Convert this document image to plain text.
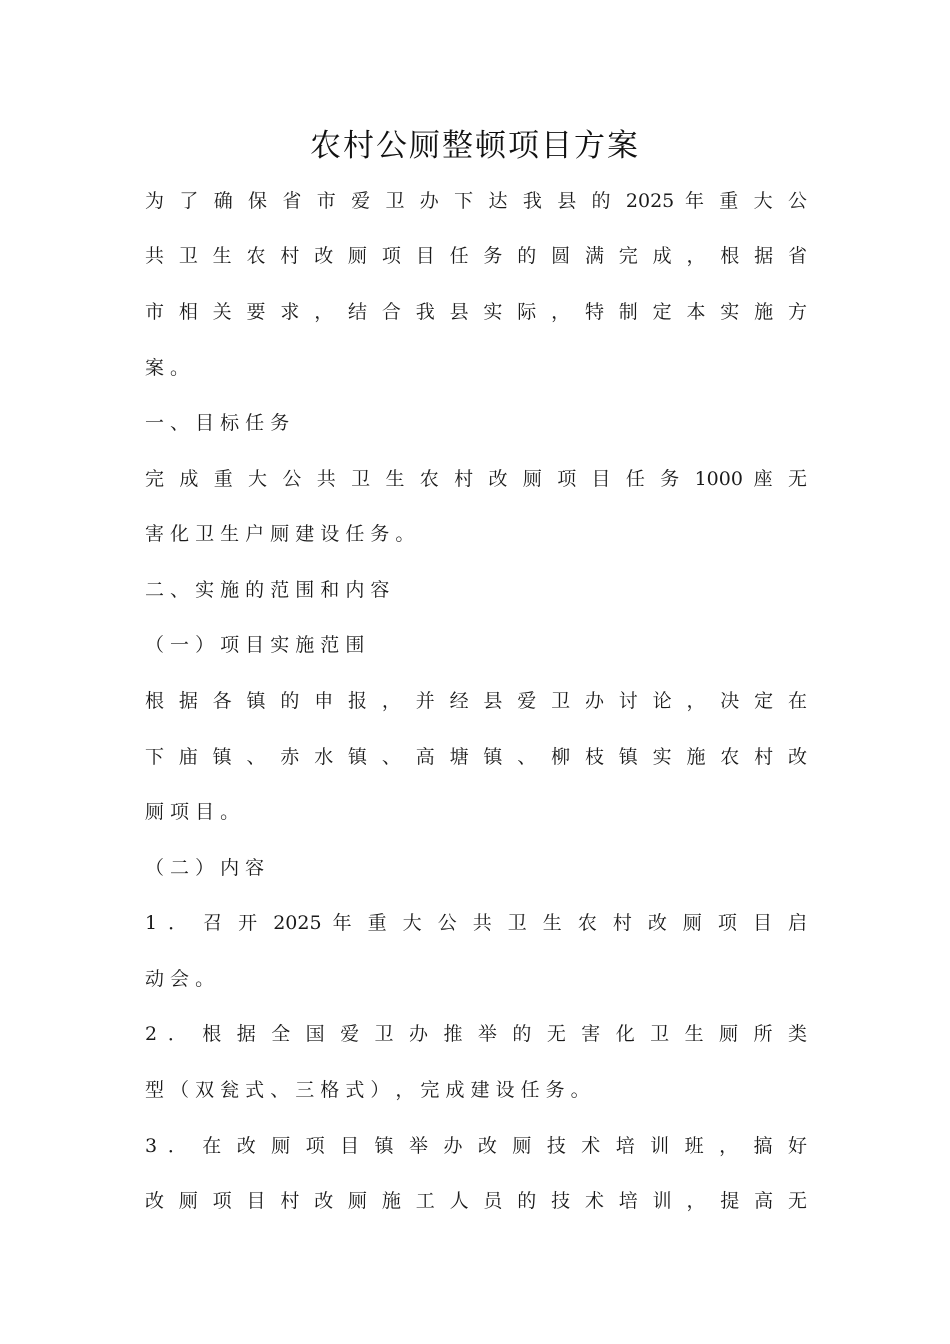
农村公厕整顿项目方案
为 了 确 保 省 市 爱 卫 办 下 达 我 县 的 2025 年 重 大 公
共 卫 生 农 村 改 厕 项 目 任 务 的 圆 满 完 成 ， 根 据 省
市 相 关 要 求 ， 结 合 我 县 实 际 ， 特 制 定 本 实 施 方
案 。
一 、 目 标 任 务
完 成 重 大 公 共 卫 生 农 村 改 厕 项 目 任 务 1000 座 无
害 化 卫 生 户 厕 建 设 任 务 。
二 、 实 施 的 范 围 和 内 容
（ 一 ） 项 目 实 施 范 围
根 据 各 镇 的 申 报 ， 并 经 县 爱 卫 办 讨 论 ， 决 定 在
下 庙 镇 、 赤 水 镇 、 高 塘 镇 、 柳 枝 镇 实 施 农 村 改
厕 项 目 。
（ 二 ） 内 容
1 ． 召 开 2025 年 重 大 公 共 卫 生 农 村 改 厕 项 目 启
动 会 。
2 ． 根 据 全 国 爱 卫 办 推 举 的 无 害 化 卫 生 厕 所 类
型 （ 双 瓮 式 、 三 格 式 ） ， 完 成 建 设 任 务 。
3 ． 在 改 厕 项 目 镇 举 办 改 厕 技 术 培 训 班 ， 搞 好
改 厕 项 目 村 改 厕 施 工 人 员 的 技 术 培 训 ， 提 高 无
